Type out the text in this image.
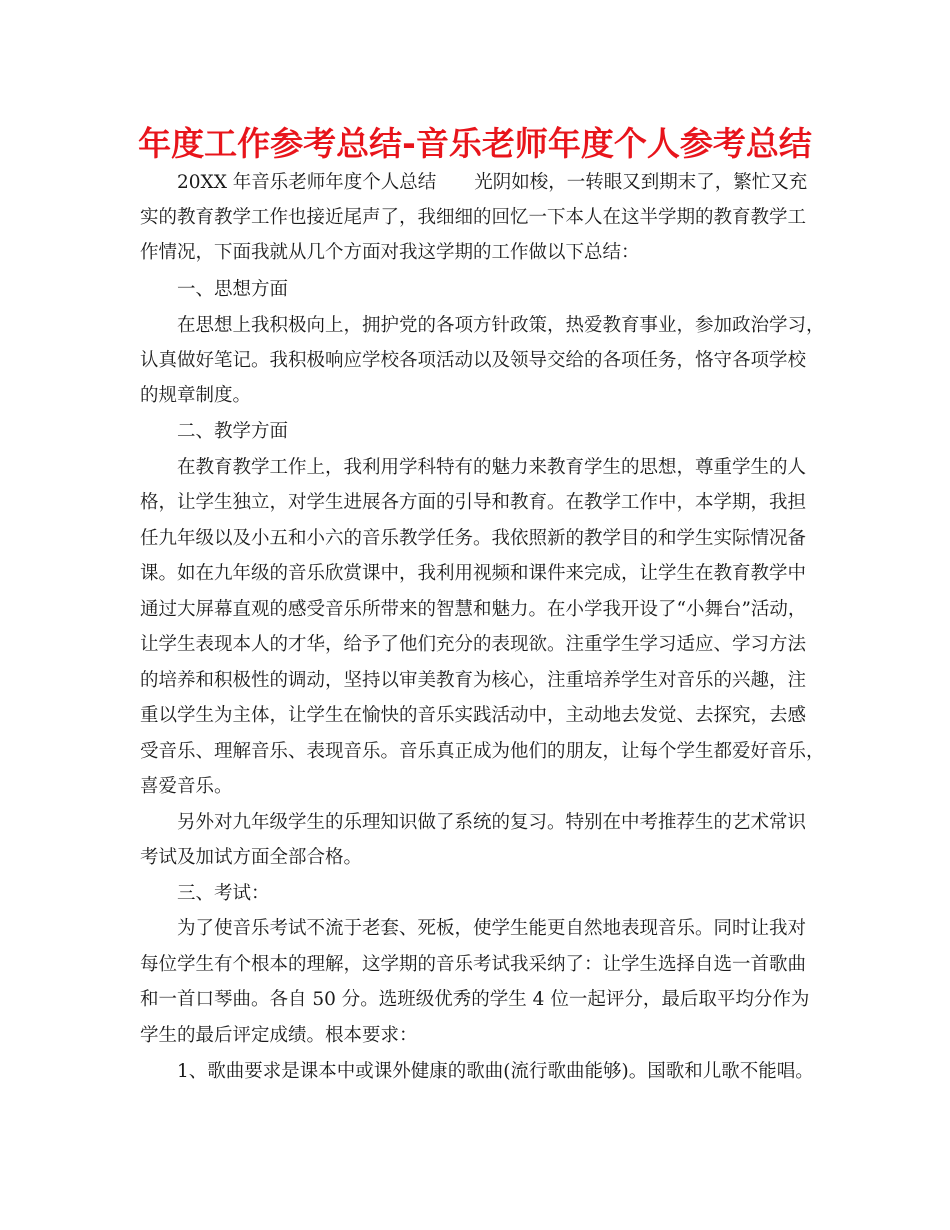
年度工作参考总结-音乐老师年度个人参考总结

20XX 年音乐老师年度个人总结 光阴如梭，一转眼又到期末了，繁忙又充

实的教育教学工作也接近尾声了，我细细的回忆一下本人在这半学期的教育教学工

作情况，下面我就从几个方面对我这学期的工作做以下总结：

一、思想方面

在思想上我积极向上，拥护党的各项方针政策，热爱教育事业，参加政治学习，

认真做好笔记。我积极响应学校各项活动以及领导交给的各项任务，恪守各项学校

的规章制度。

二、教学方面

在教育教学工作上，我利用学科特有的魅力来教育学生的思想，尊重学生的人

格，让学生独立，对学生进展各方面的引导和教育。在教学工作中，本学期，我担

任九年级以及小五和小六的音乐教学任务。我依照新的教学目的和学生实际情况备

课。如在九年级的音乐欣赏课中，我利用视频和课件来完成，让学生在教育教学中

通过大屏幕直观的感受音乐所带来的智慧和魅力。在小学我开设了“小舞台”活动，

让学生表现本人的才华，给予了他们充分的表现欲。注重学生学习适应、学习方法

的培养和积极性的调动，坚持以审美教育为核心，注重培养学生对音乐的兴趣，注

重以学生为主体，让学生在愉快的音乐实践活动中，主动地去发觉、去探究，去感

受音乐、理解音乐、表现音乐。音乐真正成为他们的朋友，让每个学生都爱好音乐，

喜爱音乐。

另外对九年级学生的乐理知识做了系统的复习。特别在中考推荐生的艺术常识

考试及加试方面全部合格。

三、考试：

为了使音乐考试不流于老套、死板，使学生能更自然地表现音乐。同时让我对

每位学生有个根本的理解，这学期的音乐考试我采纳了：让学生选择自选一首歌曲

和一首口琴曲。各自 50 分。选班级优秀的学生 4 位一起评分，最后取平均分作为

学生的最后评定成绩。根本要求：

1、歌曲要求是课本中或课外健康的歌曲(流行歌曲能够)。国歌和儿歌不能唱。
